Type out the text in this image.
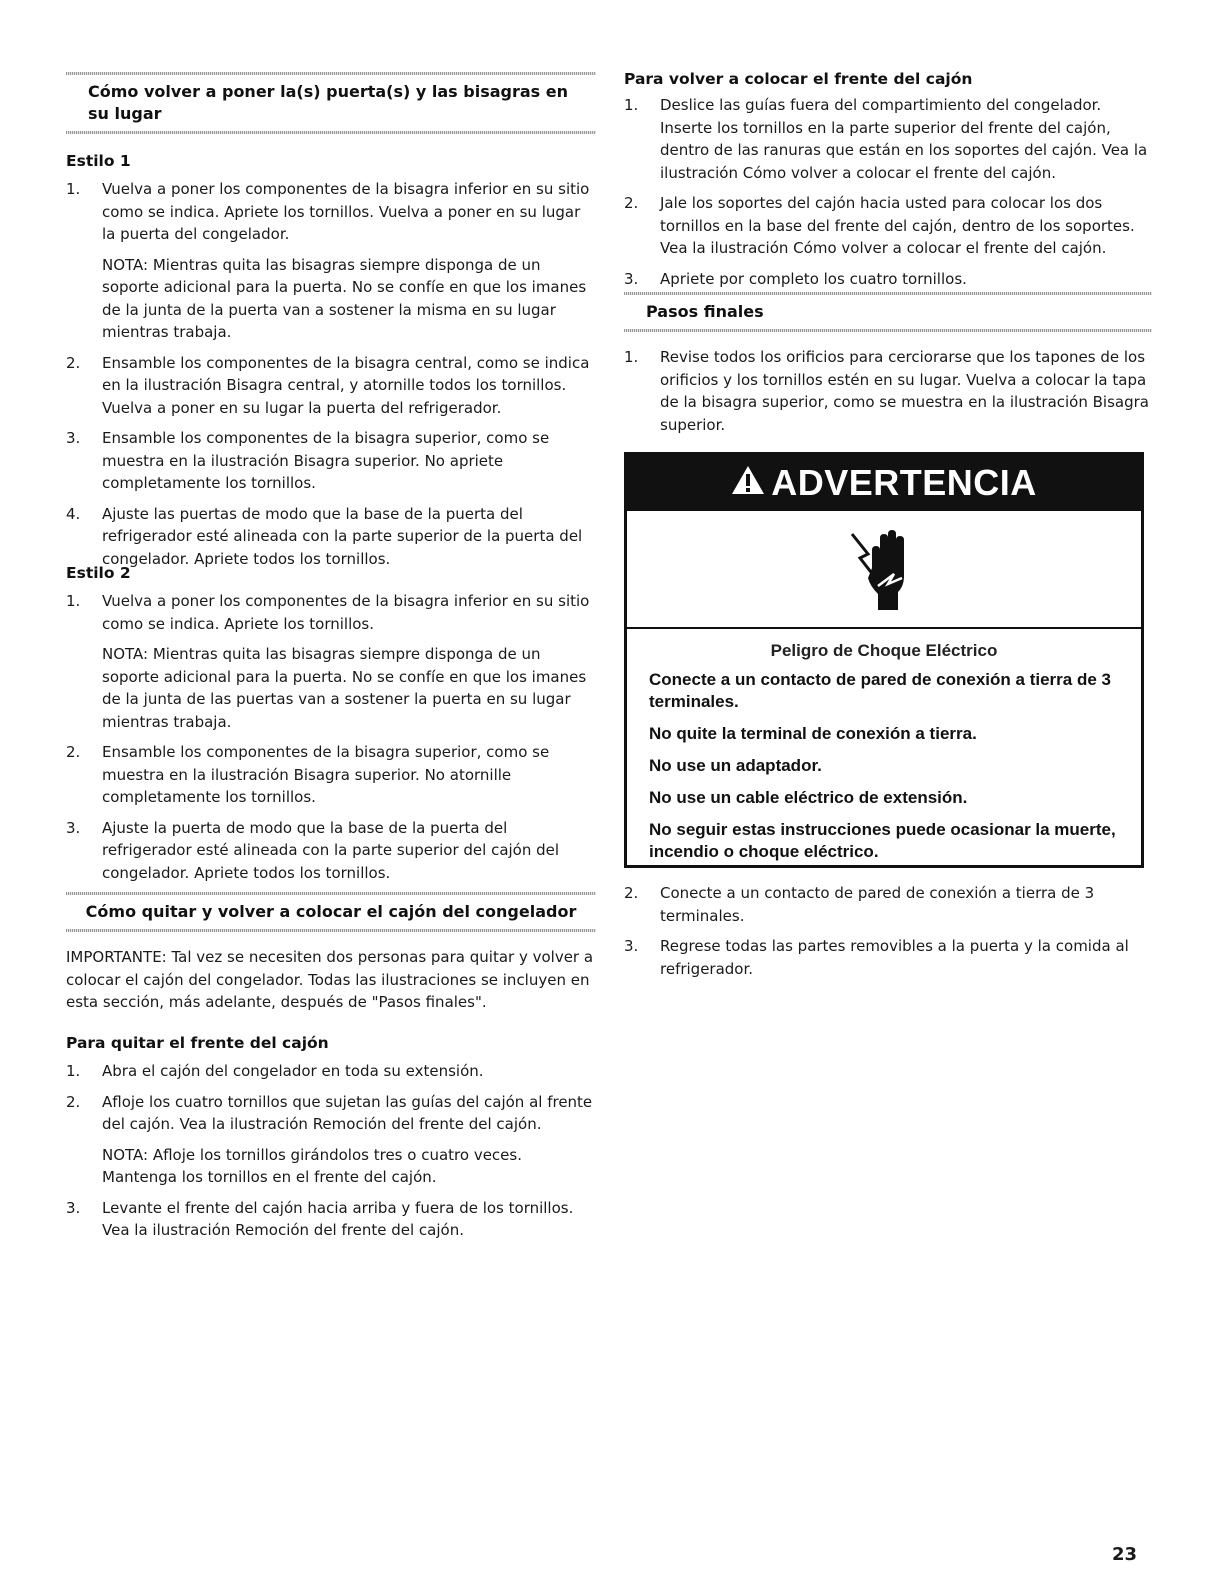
Cómo volver a poner la(s) puerta(s) y las bisagras en su lugar
Estilo 1
1.	Vuelva a poner los componentes de la bisagra inferior en su sitio como se indica. Apriete los tornillos. Vuelva a poner en su lugar la puerta del congelador.

NOTA: Mientras quita las bisagras siempre disponga de un soporte adicional para la puerta. No se confíe en que los imanes de la junta de la puerta van a sostener la misma en su lugar mientras trabaja.

2.	Ensamble los componentes de la bisagra central, como se indica en la ilustración Bisagra central, y atornille todos los tornillos. Vuelva a poner en su lugar la puerta del refrigerador.

3.	Ensamble los componentes de la bisagra superior, como se muestra en la ilustración Bisagra superior. No apriete completamente los tornillos.

4.	Ajuste las puertas de modo que la base de la puerta del refrigerador esté alineada con la parte superior de la puerta del congelador. Apriete todos los tornillos.

Estilo 2
1.	Vuelva a poner los componentes de la bisagra inferior en su sitio como se indica. Apriete los tornillos.

NOTA: Mientras quita las bisagras siempre disponga de un soporte adicional para la puerta. No se confíe en que los imanes de la junta de las puertas van a sostener la puerta en su lugar mientras trabaja.

2.	Ensamble los componentes de la bisagra superior, como se muestra en la ilustración Bisagra superior. No atornille completamente los tornillos.

3.	Ajuste la puerta de modo que la base de la puerta del refrigerador esté alineada con la parte superior del cajón del congelador. Apriete todos los tornillos.

Cómo quitar y volver a colocar el cajón del congelador

IMPORTANTE: Tal vez se necesiten dos personas para quitar y volver a colocar el cajón del congelador. Todas las ilustraciones se incluyen en esta sección, más adelante, después de "Pasos finales".

Para quitar el frente del cajón
1.	Abra el cajón del congelador en toda su extensión.

2.	Afloje los cuatro tornillos que sujetan las guías del cajón al frente del cajón. Vea la ilustración Remoción del frente del cajón.

NOTA: Afloje los tornillos girándolos tres o cuatro veces. Mantenga los tornillos en el frente del cajón.

3.	Levante el frente del cajón hacia arriba y fuera de los tornillos. Vea la ilustración Remoción del frente del cajón.

Para volver a colocar el frente del cajón
1.	Deslice las guías fuera del compartimiento del congelador. Inserte los tornillos en la parte superior del frente del cajón, dentro de las ranuras que están en los soportes del cajón. Vea la ilustración Cómo volver a colocar el frente del cajón.

2.	Jale los soportes del cajón hacia usted para colocar los dos tornillos en la base del frente del cajón, dentro de los soportes. Vea la ilustración Cómo volver a colocar el frente del cajón.

3.	Apriete por completo los cuatro tornillos.

Pasos finales
1.	Revise todos los orificios para cerciorarse que los tapones de los orificios y los tornillos estén en su lugar. Vuelva a colocar la tapa de la bisagra superior, como se muestra en la ilustración Bisagra superior.

ADVERTENCIA
Peligro de Choque Eléctrico

Conecte a un contacto de pared de conexión a tierra de 3 terminales.

No quite la terminal de conexión a tierra.

No use un adaptador.

No use un cable eléctrico de extensión.

No seguir estas instrucciones puede ocasionar la muerte, incendio o choque eléctrico.

2.	Conecte a un contacto de pared de conexión a tierra de 3 terminales.

3.	Regrese todas las partes removibles a la puerta y la comida al refrigerador.

23
